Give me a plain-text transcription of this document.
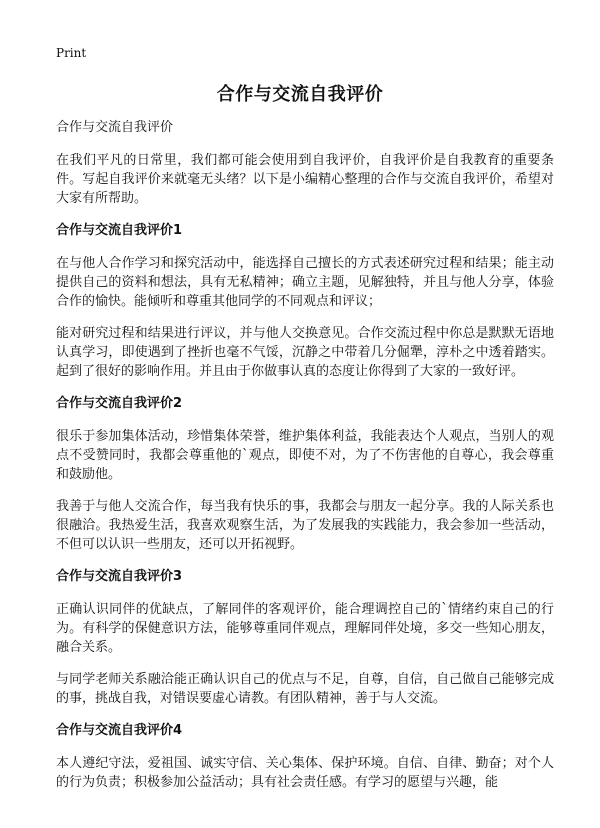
Print
合作与交流自我评价

合作与交流自我评价

在我们平凡的日常里，我们都可能会使用到自我评价，自我评价是自我教育的重要条件。写起自我评价来就毫无头绪？以下是小编精心整理的合作与交流自我评价，希望对大家有所帮助。

合作与交流自我评价1

在与他人合作学习和探究活动中，能选择自己擅长的方式表述研究过程和结果；能主动提供自己的资料和想法，具有无私精神；确立主题，见解独特，并且与他人分享，体验合作的愉快。能倾听和尊重其他同学的不同观点和评议；

能对研究过程和结果进行评议，并与他人交换意见。合作交流过程中你总是默默无语地认真学习，即使遇到了挫折也毫不气馁，沉静之中带着几分倔犟，淳朴之中透着踏实。起到了很好的影响作用。并且由于你做事认真的态度让你得到了大家的一致好评。

合作与交流自我评价2

很乐于参加集体活动，珍惜集体荣誉，维护集体利益，我能表达个人观点，当别人的观点不受赞同时，我都会尊重他的`观点，即使不对，为了不伤害他的自尊心，我会尊重和鼓励他。

我善于与他人交流合作，每当我有快乐的事，我都会与朋友一起分享。我的人际关系也很融洽。我热爱生活，我喜欢观察生活，为了发展我的实践能力，我会参加一些活动，不但可以认识一些朋友，还可以开拓视野。

合作与交流自我评价3

正确认识同伴的优缺点，了解同伴的客观评价，能合理调控自己的`情绪约束自己的行为。有科学的保健意识方法，能够尊重同伴观点，理解同伴处境，多交一些知心朋友，融合关系。

与同学老师关系融洽能正确认识自己的优点与不足，自尊，自信，自己做自己能够完成的事，挑战自我，对错误要虚心请教。有团队精神，善于与人交流。

合作与交流自我评价4

本人遵纪守法，爱祖国、诚实守信、关心集体、保护环境。自信、自律、勤奋；对个人的行为负责；积极参加公益活动；具有社会责任感。有学习的愿望与兴趣，能
